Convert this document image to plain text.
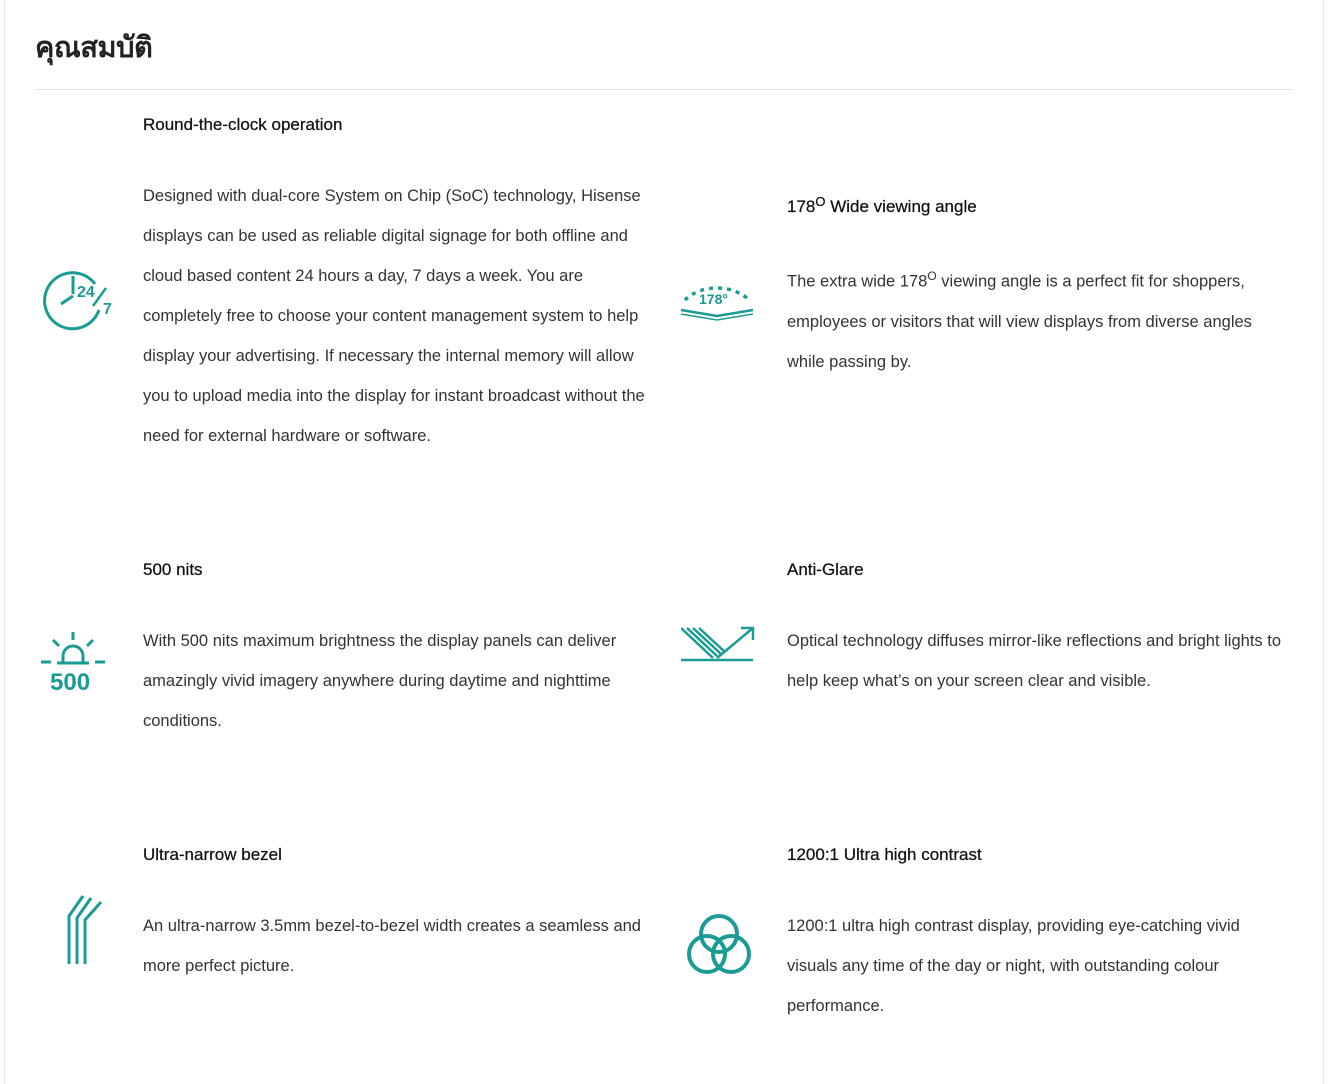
คุณสมบัติ
24
7
Round-the-clock operation

Designed with dual-core System on Chip (SoC) technology, Hisense displays can be used as reliable digital signage for both offline and cloud based content 24 hours a day, 7 days a week. You are completely free to choose your content management system to help display your advertising. If necessary the internal memory will allow you to upload media into the display for instant broadcast without the need for external hardware or software.

178°
$178^O$ Wide viewing angle

The extra wide $178^O$ viewing angle is a perfect fit for shoppers, employees or visitors that will view displays from diverse angles while passing by.

500
500 nits

With 500 nits maximum brightness the display panels can deliver amazingly vivid imagery anywhere during daytime and nighttime conditions.

Anti-Glare

Optical technology diffuses mirror-like reflections and bright lights to help keep what’s on your screen clear and visible.

Ultra-narrow bezel

An ultra-narrow 3.5mm bezel-to-bezel width creates a seamless and more perfect picture.

1200:1 Ultra high contrast

1200:1 ultra high contrast display, providing eye-catching vivid visuals any time of the day or night, with outstanding colour performance.
